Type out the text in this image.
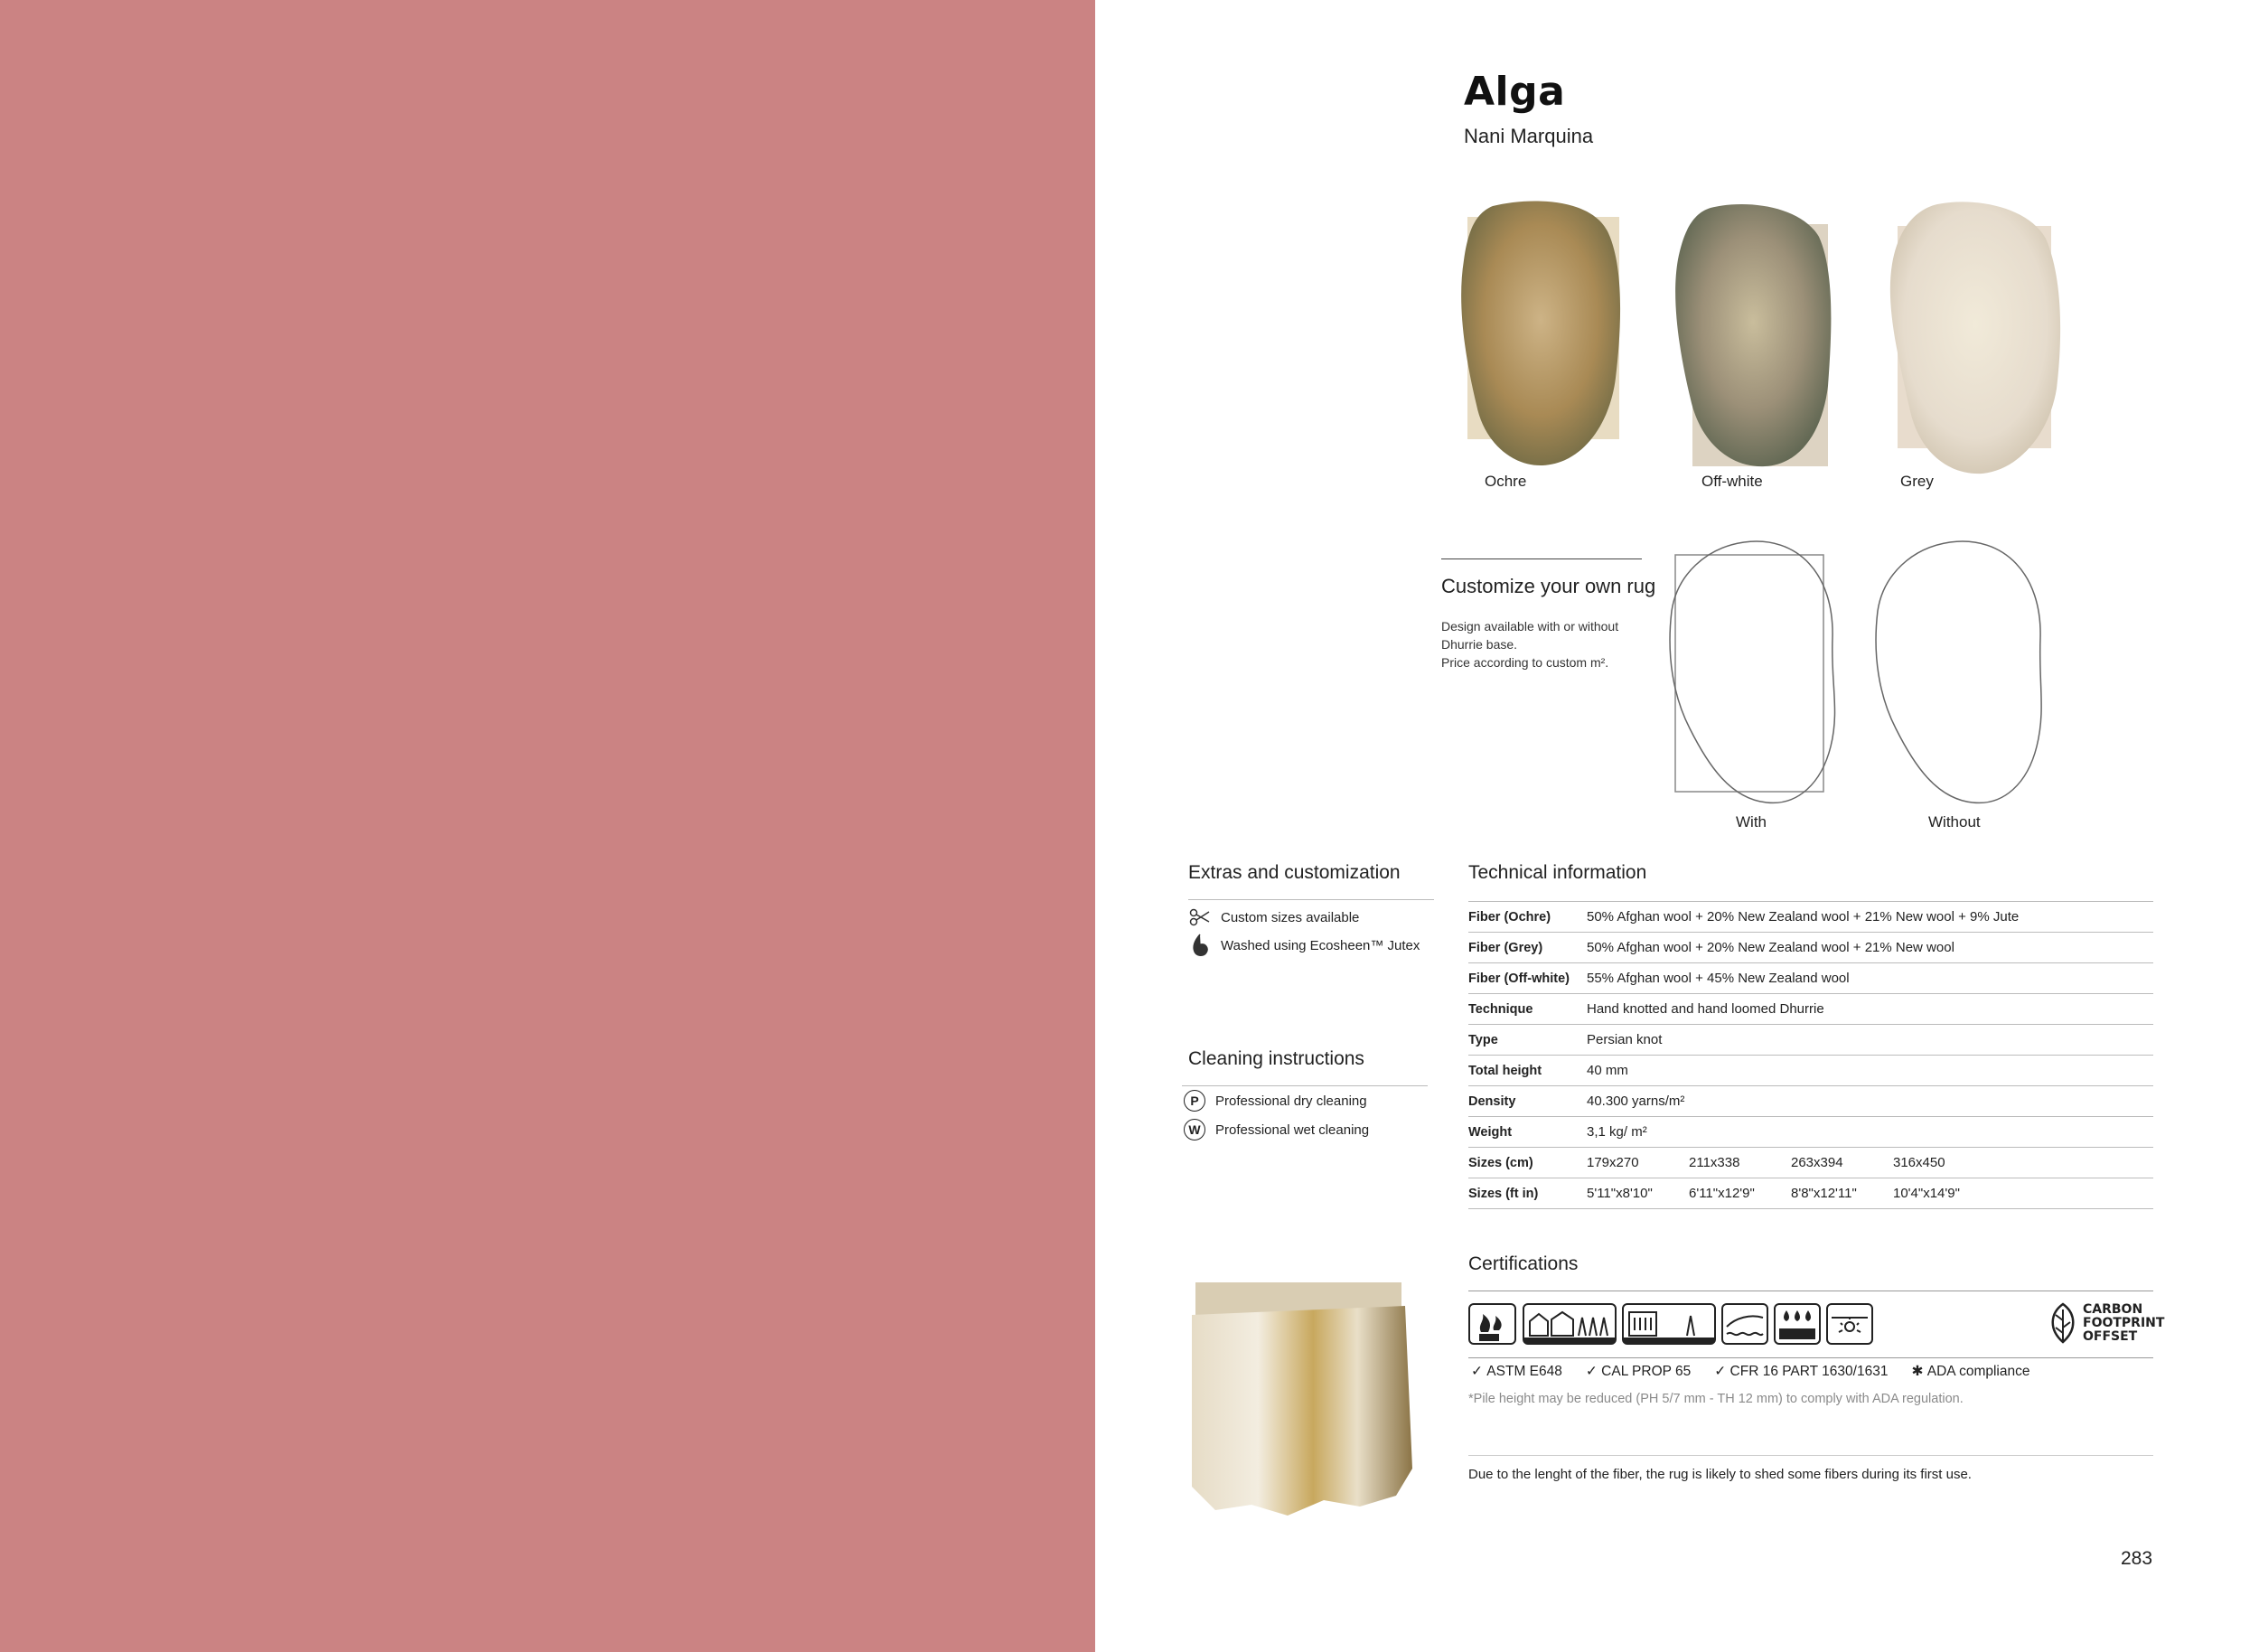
Alga
Nani Marquina
Ochre	Off-white	Grey
Customize your own rug
Design available with or without
Dhurrie base.
Price according to custom m².
With	Without
Extras and customization
Custom sizes available
Washed using Ecosheen™ Jutex
Cleaning instructions
P	Professional dry cleaning
W	Professional wet cleaning
Technical information
Fiber (Ochre)	50% Afghan wool + 20% New Zealand wool + 21% New wool + 9% Jute
Fiber (Grey)	50% Afghan wool + 20% New Zealand wool + 21% New wool
Fiber (Off-white)	55% Afghan wool + 45% New Zealand wool
Technique	Hand knotted and hand loomed Dhurrie
Type	Persian knot
Total height	40 mm
Density	40.300 yarns/m²
Weight	3,1 kg/ m²
Sizes (cm)	179x270 211x338 263x394 316x450
Sizes (ft in)	5'11"x8'10" 6'11"x12'9" 8'8"x12'11" 10'4"x14'9"
Certifications
CARBON
FOOTPRINT
OFFSET
✓ ASTM E648 ✓ CAL PROP 65 ✓ CFR 16 PART 1630/1631 ✱ ADA compliance
*Pile height may be reduced (PH 5/7 mm - TH 12 mm) to comply with ADA regulation.
Due to the lenght of the fiber, the rug is likely to shed some fibers during its first use.
283
